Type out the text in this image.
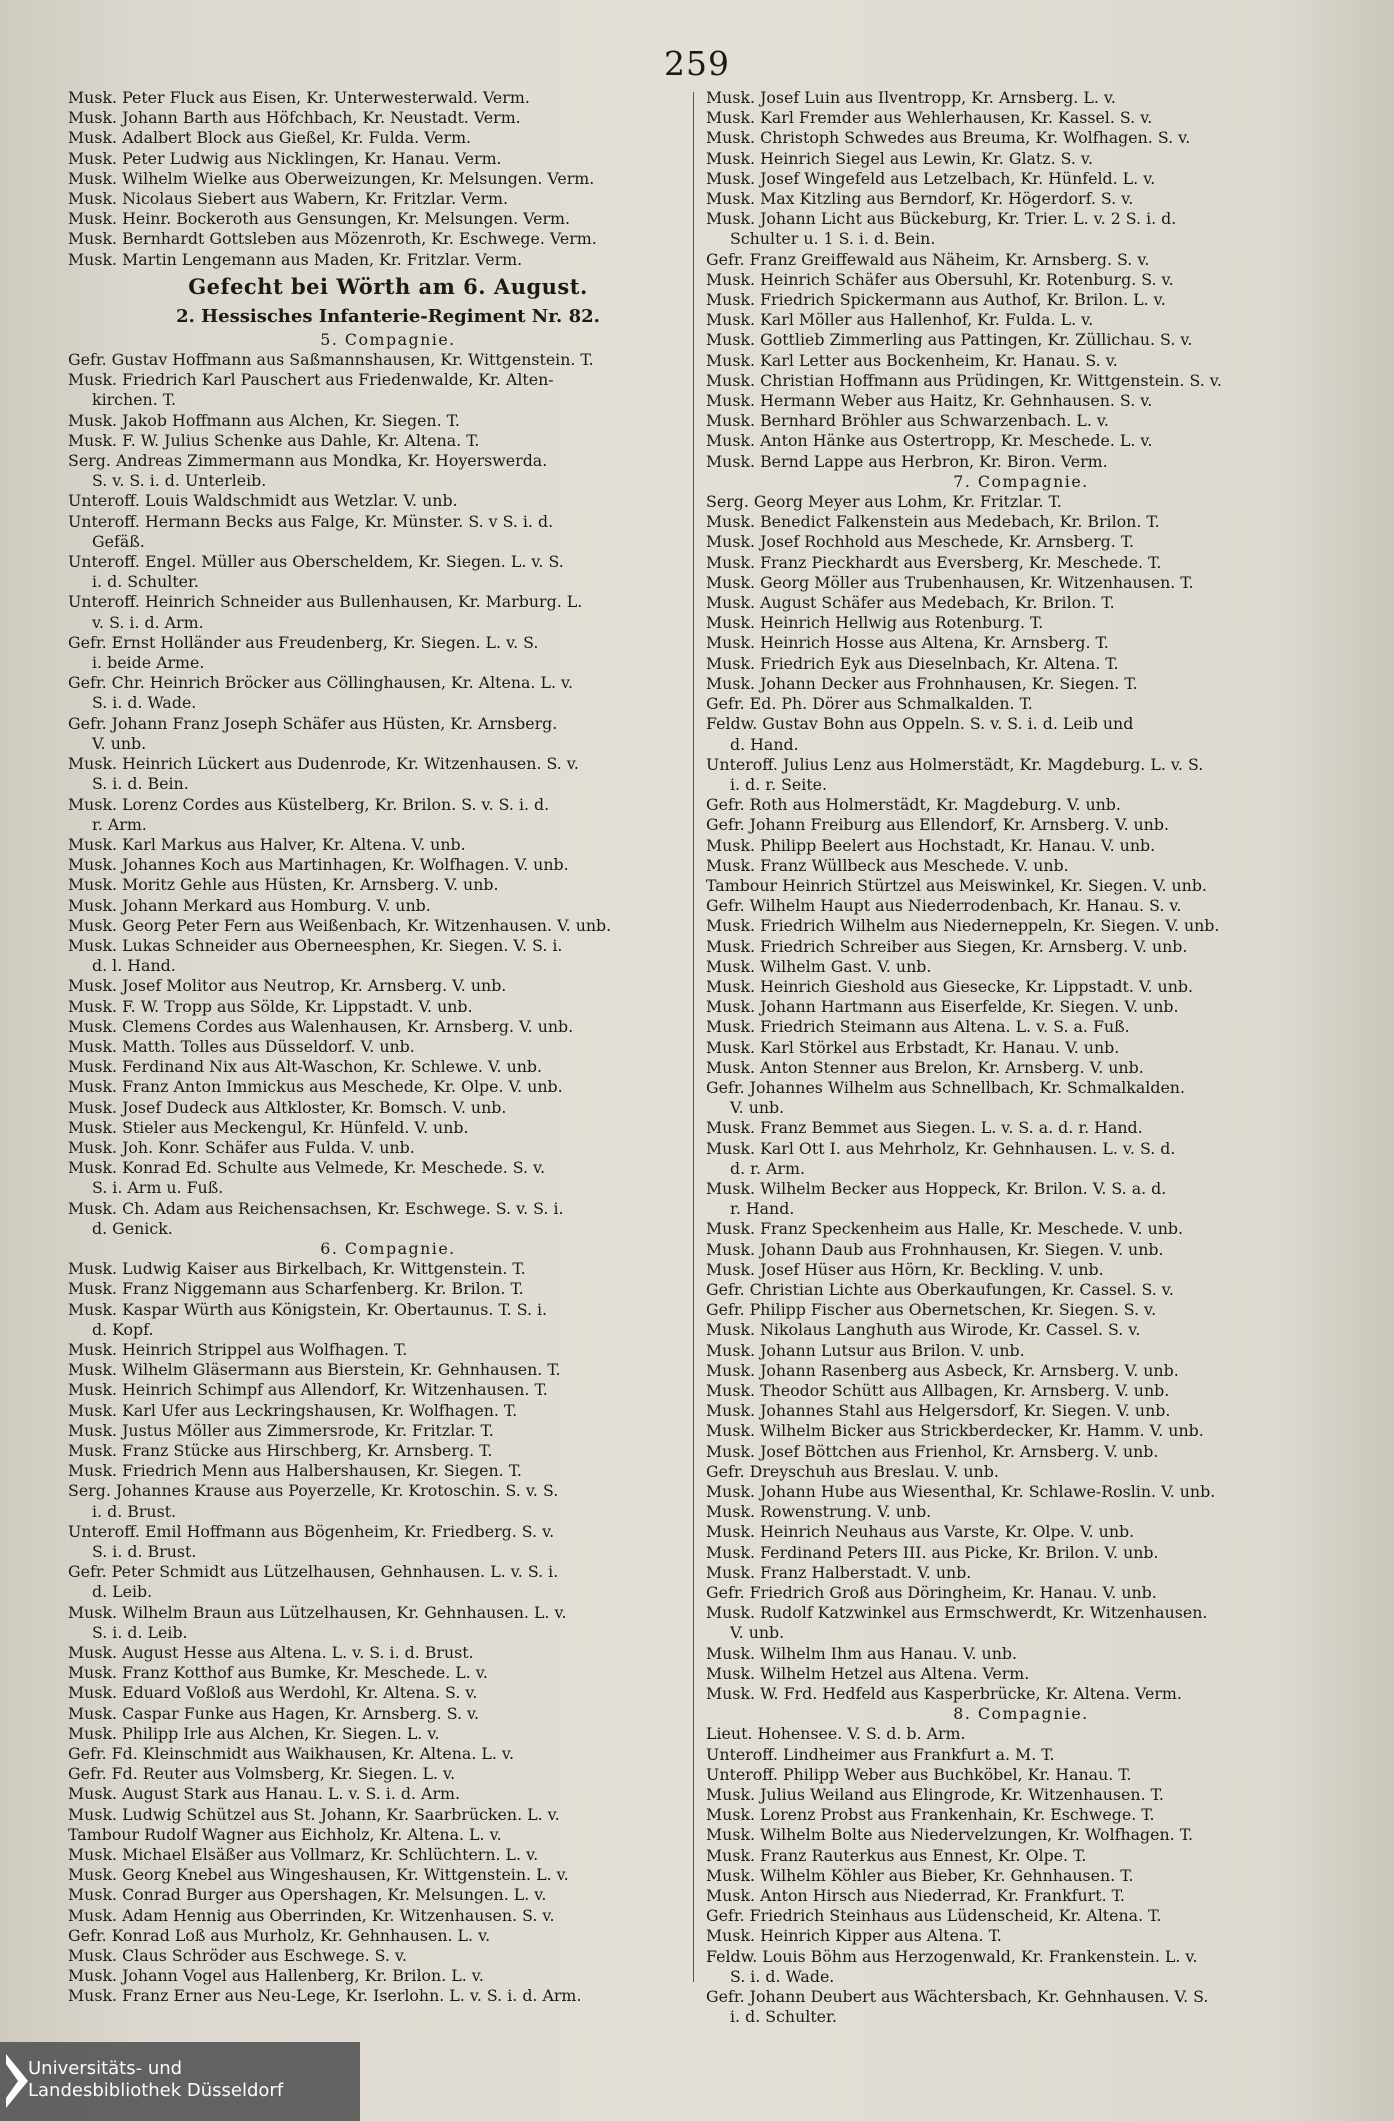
259
Musk. Peter Fluck aus Eisen, Kr. Unterwesterwald. Verm.
Musk. Johann Barth aus Höfchbach, Kr. Neustadt. Verm.
Musk. Adalbert Block aus Gießel, Kr. Fulda. Verm.
Musk. Peter Ludwig aus Nicklingen, Kr. Hanau. Verm.
Musk. Wilhelm Wielke aus Oberweizungen, Kr. Melsungen. Verm.
Musk. Nicolaus Siebert aus Wabern, Kr. Fritzlar. Verm.
Musk. Heinr. Bockeroth aus Gensungen, Kr. Melsungen. Verm.
Musk. Bernhardt Gottsleben aus Mözenroth, Kr. Eschwege. Verm.
Musk. Martin Lengemann aus Maden, Kr. Fritzlar. Verm.
Gefecht bei Wörth am 6. August.
2. Hessisches Infanterie-Regiment Nr. 82.
5. Compagnie.
Gefr. Gustav Hoffmann aus Saßmannshausen, Kr. Wittgenstein. T.
Musk. Friedrich Karl Pauschert aus Friedenwalde, Kr. Alten-
kirchen. T.
Musk. Jakob Hoffmann aus Alchen, Kr. Siegen. T.
Musk. F. W. Julius Schenke aus Dahle, Kr. Altena. T.
Serg. Andreas Zimmermann aus Mondka, Kr. Hoyerswerda.
S. v. S. i. d. Unterleib.
Unteroff. Louis Waldschmidt aus Wetzlar. V. unb.
Unteroff. Hermann Becks aus Falge, Kr. Münster. S. v S. i. d.
Gefäß.
Unteroff. Engel. Müller aus Oberscheldem, Kr. Siegen. L. v. S.
i. d. Schulter.
Unteroff. Heinrich Schneider aus Bullenhausen, Kr. Marburg. L.
v. S. i. d. Arm.
Gefr. Ernst Holländer aus Freudenberg, Kr. Siegen. L. v. S.
i. beide Arme.
Gefr. Chr. Heinrich Bröcker aus Cöllinghausen, Kr. Altena. L. v.
S. i. d. Wade.
Gefr. Johann Franz Joseph Schäfer aus Hüsten, Kr. Arnsberg.
V. unb.
Musk. Heinrich Lückert aus Dudenrode, Kr. Witzenhausen. S. v.
S. i. d. Bein.
Musk. Lorenz Cordes aus Küstelberg, Kr. Brilon. S. v. S. i. d.
r. Arm.
Musk. Karl Markus aus Halver, Kr. Altena. V. unb.
Musk. Johannes Koch aus Martinhagen, Kr. Wolfhagen. V. unb.
Musk. Moritz Gehle aus Hüsten, Kr. Arnsberg. V. unb.
Musk. Johann Merkard aus Homburg. V. unb.
Musk. Georg Peter Fern aus Weißenbach, Kr. Witzenhausen. V. unb.
Musk. Lukas Schneider aus Oberneesphen, Kr. Siegen. V. S. i.
d. l. Hand.
Musk. Josef Molitor aus Neutrop, Kr. Arnsberg. V. unb.
Musk. F. W. Tropp aus Sölde, Kr. Lippstadt. V. unb.
Musk. Clemens Cordes aus Walenhausen, Kr. Arnsberg. V. unb.
Musk. Matth. Tolles aus Düsseldorf. V. unb.
Musk. Ferdinand Nix aus Alt-Waschon, Kr. Schlewe. V. unb.
Musk. Franz Anton Immickus aus Meschede, Kr. Olpe. V. unb.
Musk. Josef Dudeck aus Altkloster, Kr. Bomsch. V. unb.
Musk. Stieler aus Meckengul, Kr. Hünfeld. V. unb.
Musk. Joh. Konr. Schäfer aus Fulda. V. unb.
Musk. Konrad Ed. Schulte aus Velmede, Kr. Meschede. S. v.
S. i. Arm u. Fuß.
Musk. Ch. Adam aus Reichensachsen, Kr. Eschwege. S. v. S. i.
d. Genick.
6. Compagnie.
Musk. Ludwig Kaiser aus Birkelbach, Kr. Wittgenstein. T.
Musk. Franz Niggemann aus Scharfenberg. Kr. Brilon. T.
Musk. Kaspar Würth aus Königstein, Kr. Obertaunus. T. S. i.
d. Kopf.
Musk. Heinrich Strippel aus Wolfhagen. T.
Musk. Wilhelm Gläsermann aus Bierstein, Kr. Gehnhausen. T.
Musk. Heinrich Schimpf aus Allendorf, Kr. Witzenhausen. T.
Musk. Karl Ufer aus Leckringshausen, Kr. Wolfhagen. T.
Musk. Justus Möller aus Zimmersrode, Kr. Fritzlar. T.
Musk. Franz Stücke aus Hirschberg, Kr. Arnsberg. T.
Musk. Friedrich Menn aus Halbershausen, Kr. Siegen. T.
Serg. Johannes Krause aus Poyerzelle, Kr. Krotoschin. S. v. S.
i. d. Brust.
Unteroff. Emil Hoffmann aus Bögenheim, Kr. Friedberg. S. v.
S. i. d. Brust.
Gefr. Peter Schmidt aus Lützelhausen, Gehnhausen. L. v. S. i.
d. Leib.
Musk. Wilhelm Braun aus Lützelhausen, Kr. Gehnhausen. L. v.
S. i. d. Leib.
Musk. August Hesse aus Altena. L. v. S. i. d. Brust.
Musk. Franz Kotthof aus Bumke, Kr. Meschede. L. v.
Musk. Eduard Voßloß aus Werdohl, Kr. Altena. S. v.
Musk. Caspar Funke aus Hagen, Kr. Arnsberg. S. v.
Musk. Philipp Irle aus Alchen, Kr. Siegen. L. v.
Gefr. Fd. Kleinschmidt aus Waikhausen, Kr. Altena. L. v.
Gefr. Fd. Reuter aus Volmsberg, Kr. Siegen. L. v.
Musk. August Stark aus Hanau. L. v. S. i. d. Arm.
Musk. Ludwig Schützel aus St. Johann, Kr. Saarbrücken. L. v.
Tambour Rudolf Wagner aus Eichholz, Kr. Altena. L. v.
Musk. Michael Elsäßer aus Vollmarz, Kr. Schlüchtern. L. v.
Musk. Georg Knebel aus Wingeshausen, Kr. Wittgenstein. L. v.
Musk. Conrad Burger aus Opershagen, Kr. Melsungen. L. v.
Musk. Adam Hennig aus Oberrinden, Kr. Witzenhausen. S. v.
Gefr. Konrad Loß aus Murholz, Kr. Gehnhausen. L. v.
Musk. Claus Schröder aus Eschwege. S. v.
Musk. Johann Vogel aus Hallenberg, Kr. Brilon. L. v.
Musk. Franz Erner aus Neu-Lege, Kr. Iserlohn. L. v. S. i. d. Arm.
Musk. Josef Luin aus Ilventropp, Kr. Arnsberg. L. v.
Musk. Karl Fremder aus Wehlerhausen, Kr. Kassel. S. v.
Musk. Christoph Schwedes aus Breuma, Kr. Wolfhagen. S. v.
Musk. Heinrich Siegel aus Lewin, Kr. Glatz. S. v.
Musk. Josef Wingefeld aus Letzelbach, Kr. Hünfeld. L. v.
Musk. Max Kitzling aus Berndorf, Kr. Högerdorf. S. v.
Musk. Johann Licht aus Bückeburg, Kr. Trier. L. v. 2 S. i. d.
Schulter u. 1 S. i. d. Bein.
Gefr. Franz Greiffewald aus Näheim, Kr. Arnsberg. S. v.
Musk. Heinrich Schäfer aus Obersuhl, Kr. Rotenburg. S. v.
Musk. Friedrich Spickermann aus Authof, Kr. Brilon. L. v.
Musk. Karl Möller aus Hallenhof, Kr. Fulda. L. v.
Musk. Gottlieb Zimmerling aus Pattingen, Kr. Züllichau. S. v.
Musk. Karl Letter aus Bockenheim, Kr. Hanau. S. v.
Musk. Christian Hoffmann aus Prüdingen, Kr. Wittgenstein. S. v.
Musk. Hermann Weber aus Haitz, Kr. Gehnhausen. S. v.
Musk. Bernhard Bröhler aus Schwarzenbach. L. v.
Musk. Anton Hänke aus Ostertropp, Kr. Meschede. L. v.
Musk. Bernd Lappe aus Herbron, Kr. Biron. Verm.
7. Compagnie.
Serg. Georg Meyer aus Lohm, Kr. Fritzlar. T.
Musk. Benedict Falkenstein aus Medebach, Kr. Brilon. T.
Musk. Josef Rochhold aus Meschede, Kr. Arnsberg. T.
Musk. Franz Pieckhardt aus Eversberg, Kr. Meschede. T.
Musk. Georg Möller aus Trubenhausen, Kr. Witzenhausen. T.
Musk. August Schäfer aus Medebach, Kr. Brilon. T.
Musk. Heinrich Hellwig aus Rotenburg. T.
Musk. Heinrich Hosse aus Altena, Kr. Arnsberg. T.
Musk. Friedrich Eyk aus Dieselnbach, Kr. Altena. T.
Musk. Johann Decker aus Frohnhausen, Kr. Siegen. T.
Gefr. Ed. Ph. Dörer aus Schmalkalden. T.
Feldw. Gustav Bohn aus Oppeln. S. v. S. i. d. Leib und
d. Hand.
Unteroff. Julius Lenz aus Holmerstädt, Kr. Magdeburg. L. v. S.
i. d. r. Seite.
Gefr. Roth aus Holmerstädt, Kr. Magdeburg. V. unb.
Gefr. Johann Freiburg aus Ellendorf, Kr. Arnsberg. V. unb.
Musk. Philipp Beelert aus Hochstadt, Kr. Hanau. V. unb.
Musk. Franz Wüllbeck aus Meschede. V. unb.
Tambour Heinrich Stürtzel aus Meiswinkel, Kr. Siegen. V. unb.
Gefr. Wilhelm Haupt aus Niederrodenbach, Kr. Hanau. S. v.
Musk. Friedrich Wilhelm aus Niederneppeln, Kr. Siegen. V. unb.
Musk. Friedrich Schreiber aus Siegen, Kr. Arnsberg. V. unb.
Musk. Wilhelm Gast. V. unb.
Musk. Heinrich Gieshold aus Giesecke, Kr. Lippstadt. V. unb.
Musk. Johann Hartmann aus Eiserfelde, Kr. Siegen. V. unb.
Musk. Friedrich Steimann aus Altena. L. v. S. a. Fuß.
Musk. Karl Störkel aus Erbstadt, Kr. Hanau. V. unb.
Musk. Anton Stenner aus Brelon, Kr. Arnsberg. V. unb.
Gefr. Johannes Wilhelm aus Schnellbach, Kr. Schmalkalden.
V. unb.
Musk. Franz Bemmet aus Siegen. L. v. S. a. d. r. Hand.
Musk. Karl Ott I. aus Mehrholz, Kr. Gehnhausen. L. v. S. d.
d. r. Arm.
Musk. Wilhelm Becker aus Hoppeck, Kr. Brilon. V. S. a. d.
r. Hand.
Musk. Franz Speckenheim aus Halle, Kr. Meschede. V. unb.
Musk. Johann Daub aus Frohnhausen, Kr. Siegen. V. unb.
Musk. Josef Hüser aus Hörn, Kr. Beckling. V. unb.
Gefr. Christian Lichte aus Oberkaufungen, Kr. Cassel. S. v.
Gefr. Philipp Fischer aus Obernetschen, Kr. Siegen. S. v.
Musk. Nikolaus Langhuth aus Wirode, Kr. Cassel. S. v.
Musk. Johann Lutsur aus Brilon. V. unb.
Musk. Johann Rasenberg aus Asbeck, Kr. Arnsberg. V. unb.
Musk. Theodor Schütt aus Allbagen, Kr. Arnsberg. V. unb.
Musk. Johannes Stahl aus Helgersdorf, Kr. Siegen. V. unb.
Musk. Wilhelm Bicker aus Strickberdecker, Kr. Hamm. V. unb.
Musk. Josef Böttchen aus Frienhol, Kr. Arnsberg. V. unb.
Gefr. Dreyschuh aus Breslau. V. unb.
Musk. Johann Hube aus Wiesenthal, Kr. Schlawe-Roslin. V. unb.
Musk. Rowenstrung. V. unb.
Musk. Heinrich Neuhaus aus Varste, Kr. Olpe. V. unb.
Musk. Ferdinand Peters III. aus Picke, Kr. Brilon. V. unb.
Musk. Franz Halberstadt. V. unb.
Gefr. Friedrich Groß aus Döringheim, Kr. Hanau. V. unb.
Musk. Rudolf Katzwinkel aus Ermschwerdt, Kr. Witzenhausen.
V. unb.
Musk. Wilhelm Ihm aus Hanau. V. unb.
Musk. Wilhelm Hetzel aus Altena. Verm.
Musk. W. Frd. Hedfeld aus Kasperbrücke, Kr. Altena. Verm.
8. Compagnie.
Lieut. Hohensee. V. S. d. b. Arm.
Unteroff. Lindheimer aus Frankfurt a. M. T.
Unteroff. Philipp Weber aus Buchköbel, Kr. Hanau. T.
Musk. Julius Weiland aus Elingrode, Kr. Witzenhausen. T.
Musk. Lorenz Probst aus Frankenhain, Kr. Eschwege. T.
Musk. Wilhelm Bolte aus Niedervelzungen, Kr. Wolfhagen. T.
Musk. Franz Rauterkus aus Ennest, Kr. Olpe. T.
Musk. Wilhelm Köhler aus Bieber, Kr. Gehnhausen. T.
Musk. Anton Hirsch aus Niederrad, Kr. Frankfurt. T.
Gefr. Friedrich Steinhaus aus Lüdenscheid, Kr. Altena. T.
Musk. Heinrich Kipper aus Altena. T.
Feldw. Louis Böhm aus Herzogenwald, Kr. Frankenstein. L. v.
S. i. d. Wade.
Gefr. Johann Deubert aus Wächtersbach, Kr. Gehnhausen. V. S.
i. d. Schulter.
Universitäts- und
Landesbibliothek Düsseldorf
